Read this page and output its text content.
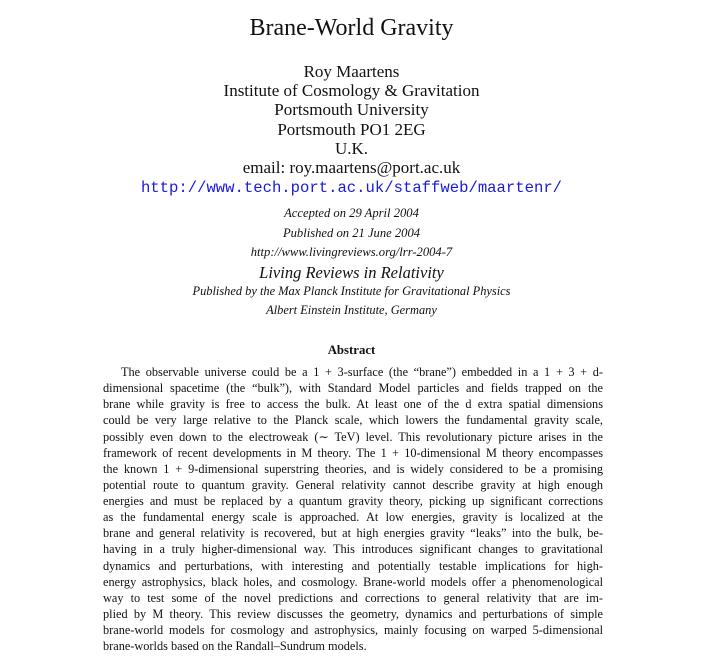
Brane-World Gravity
Roy Maartens
Institute of Cosmology & Gravitation
Portsmouth University
Portsmouth PO1 2EG
U.K.
email: roy.maartens@port.ac.uk
http://www.tech.port.ac.uk/staffweb/maartenr/
Accepted on 29 April 2004
Published on 21 June 2004
http://www.livingreviews.org/lrr-2004-7
Living Reviews in Relativity
Published by the Max Planck Institute for Gravitational Physics
Albert Einstein Institute, Germany
Abstract
The observable universe could be a 1 + 3-surface (the “brane”) embedded in a 1 + 3 + d-
dimensional spacetime (the “bulk”), with Standard Model particles and fields trapped on the
brane while gravity is free to access the bulk. At least one of the d extra spatial dimensions
could be very large relative to the Planck scale, which lowers the fundamental gravity scale,
possibly even down to the electroweak (∼ TeV) level. This revolutionary picture arises in the
framework of recent developments in M theory. The 1 + 10-dimensional M theory encompasses
the known 1 + 9-dimensional superstring theories, and is widely considered to be a promising
potential route to quantum gravity. General relativity cannot describe gravity at high enough
energies and must be replaced by a quantum gravity theory, picking up significant corrections
as the fundamental energy scale is approached. At low energies, gravity is localized at the
brane and general relativity is recovered, but at high energies gravity “leaks” into the bulk, be-
having in a truly higher-dimensional way. This introduces significant changes to gravitational
dynamics and perturbations, with interesting and potentially testable implications for high-
energy astrophysics, black holes, and cosmology. Brane-world models offer a phenomenological
way to test some of the novel predictions and corrections to general relativity that are im-
plied by M theory. This review discusses the geometry, dynamics and perturbations of simple
brane-world models for cosmology and astrophysics, mainly focusing on warped 5-dimensional
brane-worlds based on the Randall–Sundrum models.
